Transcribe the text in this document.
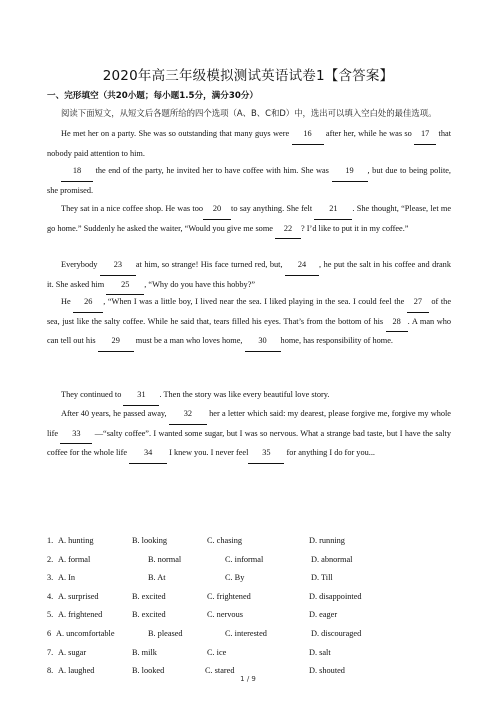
2020年高三年级模拟测试英语试卷1【含答案】
一、完形填空（共20小题；每小题1.5分，满分30分）
阅读下面短文，从短文后各题所给的四个选项（A、B、C和D）中，选出可以填入空白处的最佳选项。
He met her on a party. She was so outstanding that many guys were 16 after her, while he was so 17 that nobody paid attention to him.
18 the end of the party, he invited her to have coffee with him. She was 19 , but due to being polite, she promised.
They sat in a nice coffee shop. He was too 20 to say anything. She felt 21 . She thought, “Please, let me go home.” Suddenly he asked the waiter, “Would you give me some 22 ? I’d like to put it in my coffee.”
Everybody 23 at him, so strange! His face turned red, but, 24 , he put the salt in his coffee and drank it. She asked him 25 , “Why do you have this hobby?”
He 26 , “When I was a little boy, I lived near the sea. I liked playing in the sea. I could feel the 27 of the sea, just like the salty coffee. While he said that, tears filled his eyes. That’s from the bottom of his 28 . A man who can tell out his 29 must be a man who loves home, 30 home, has responsibility of home.
They continued to 31 . Then the story was like every beautiful love story.
After 40 years, he passed away, 32 her a letter which said: my dearest, please forgive me, forgive my whole life 33 —“salty coffee”. I wanted some sugar, but I was so nervous. What a strange bad taste, but I have the salty coffee for the whole life 34 I knew you. I never feel 35 for anything I do for you...
1. A. hunting	B. looking	C. chasing	D. running
2. A. formal	B. normal	C. informal	D. abnormal
3. A. In	B. At	C. By	D. Till
4. A. surprised	B. excited	C. frightened	D. disappointed
5. A. frightened	B. excited	C. nervous	D. eager
6 A. uncomfortable	B. pleased	C. interested	D. discouraged
7. A. sugar	B. milk	C. ice	D. salt
8. A. laughed	B. looked	C. stared	D. shouted
1 / 9
